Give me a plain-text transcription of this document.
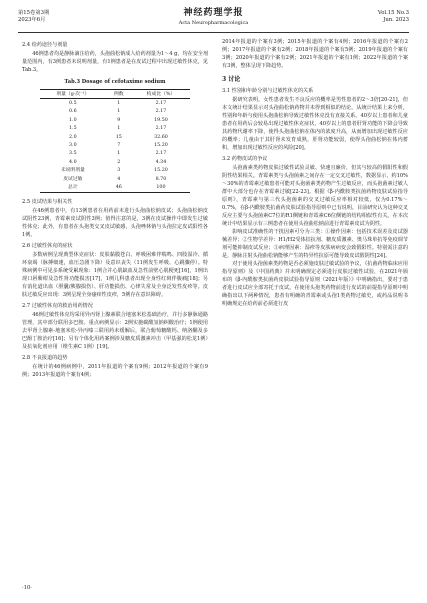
第15卷第3期
2023年6月
神经药理学报
Acta Neuropharmacologica
Vol.15 No.3
Jun. 2023
2.4 给药途径与剂量

46例患者均是静脉滴注给药，头孢曲松钠成人给药剂量为1～4 g，均在安全剂量范围内，有3例患者未说明剂量，有1例患者是在皮试过程中出现过敏性休克，见Tab.3。

Tab.3 Dosage of cefotaxime sodium
剂量（g·次⁻¹）	例数	构成比（%）
0.5	1	2.17
0.6	1	2.17
1.0	9	19.50
1.5	1	2.17
2.0	15	32.60
3.0	7	15.20
3.5	1	2.17
4.0	2	4.34
未说明剂量	3	15.20
皮试过敏	4	8.70
总计	46	100
2.5 皮试结果与相关性

在46例患者中，有13例患者在用药前未进行头孢曲松钠皮试；头孢曲松钠皮试阴性23例，青霉素皮试阴性3例；值得注意的是，3例在皮试操作中即发生过敏性休克；此外，有患者在头孢类交叉皮试敏感，头孢唑林钠与头孢拉定皮试阳性各1例。

2.6 过敏性休克的症状

多数病例呈现典型休克症状：皮肤黏膜苍白、呼吸困难伴喘鸣、四肢湿冷、循环衰竭（脉搏细速，血压急剧下降）及意识丧失（11例发生呼吸、心跳骤停）。特殊病例中可见多系统受累现象：1例合并心肌缺血及急性前壁心肌梗死[16]，1例出现口唇紫绀及急性肾功能损害[17]，1例儿科患者出现全身性红斑伴腹痛[18]；另有消化道出血（胆囊/胰腺损伤）、肝功能损伤、心律失常及全身泛发性皮疹等。皮肤过敏反应出现：3例呈现全身瘙痒性皮疹，5例存在意识障碍。

2.7 过敏性休克的救治用药情况

46例过敏性休克均采用异丙肾上腺素联合地塞米松基础治疗，并行多静脉通路管理，其中部分联用多巴胺。重点病例显示：2例实施碳酸氢钠纠酸治疗；1例使用去甲肾上腺素-地塞米松-异丙嗪三联用药未缓解后，联合葡萄糖酸钙、纳洛酮及多巴酚丁胺治疗[16]；另有个体化用药案例涉及糖皮质激素冲击（甲基强的松龙1例）及抗氧化剂应用（维生素C 1例）[19]。

2.8 不良报道的趋势

在统计的46例病例中，2011年报道的个案有9例；2012年报道的个案有9例；2013年报道的个案有4例；

2014年报道的个案有3例；2015年报道的个案有4例；2016年报道的个案有2例；2017年报道的个案有2例；2018年报道的个案有5例；2019年报道的个案有3例；2020年报道的个案有2例；2021年报道的个案有1例；2022年报道的个案有3例，整体呈现下降趋势。

3 讨论
3.1 性别和年龄分别与过敏性休克的关系

据研究表明，女性患者发生不良反应的概率是男性患者的2～3倍[20-21]，但本文统计结果显示对头孢曲松钠药物并未得到相似的结论。从统计结果上来分析，性别和年龄与使用头孢曲松钠导致过敏性休克没有直接关系。40岁以上患者和儿童患者在用药后会较易出现过敏性休克症状，40岁以上的患者肝肾功能的下降会导致其药物代谢率下降，使得头孢曲松钠在体内的浓度升高，从而增加出现过敏性反应的概率；儿童由于其肝肾未发育成熟，肝肾功能较弱，使得头孢曲松钠在体内蓄积，增加出现过敏性反应的风险[20]。

3.2 药物皮试的争议

头孢菌素类药物皮肤过敏性试验灵敏、快速且廉价，但其与较高的假阳性和假阴性结果相关。青霉素类与头孢菌素之间存在一定交叉过敏性，数据显示，约10%～30%的青霉素过敏患者可能对头孢菌素类药物产生过敏反应，而头孢菌素过敏人群中大部分也存在青霉素过敏[22-23]。根据《β-内酰胺类抗菌药物皮肤试验指导原则》，青霉素与第三代头孢菌素的交叉过敏反应率相对较低，仅为0.17%～0.7%，在β-内酰胺类抗菌药皮肤试验指导原则中已有说明。目前研究认为这种交叉反应主要与头孢菌素C7位的R1侧链和青霉素C6位侧链的结构相似性有关。在本次统计中结果显示有三例患者在使用头孢曲松钠前进行青霉素皮试为阴性。

影响皮试准确性的干扰因素可分为三类：①操作因素：包括技术误差及皮试器械差异；②生物学差异：H1/H2受体拮抗剂、糖皮质激素、奥马珠单抗等免疫调节剂可能抑制皮试反应；③病理因素：湿疹等皮肤病病变会致假阳性。特别需注意的是，静脉注射头孢曲松钠能够产生的特异性抗原可能导致皮试假阴性[24]。

对于使用头孢菌素类药物是否必须施皮肤过敏试验的争议，《抗菌药物临床应用指导原则》及《中国药典》并未明确规定必须进行皮肤过敏性试验，在2021年颁布的《β-内酰胺类抗菌药皮肤试验指导原则（2021年版）》中明确指出，要对于患者进行皮试应全部寄托于皮试。在使用头孢类药物前进行皮试的前提指导原则中明确指出以下两种情况，患者有明确的青霉素或头孢1类药物过敏史，或药品说明书明确规定在给药前必须进行皮

·10·
